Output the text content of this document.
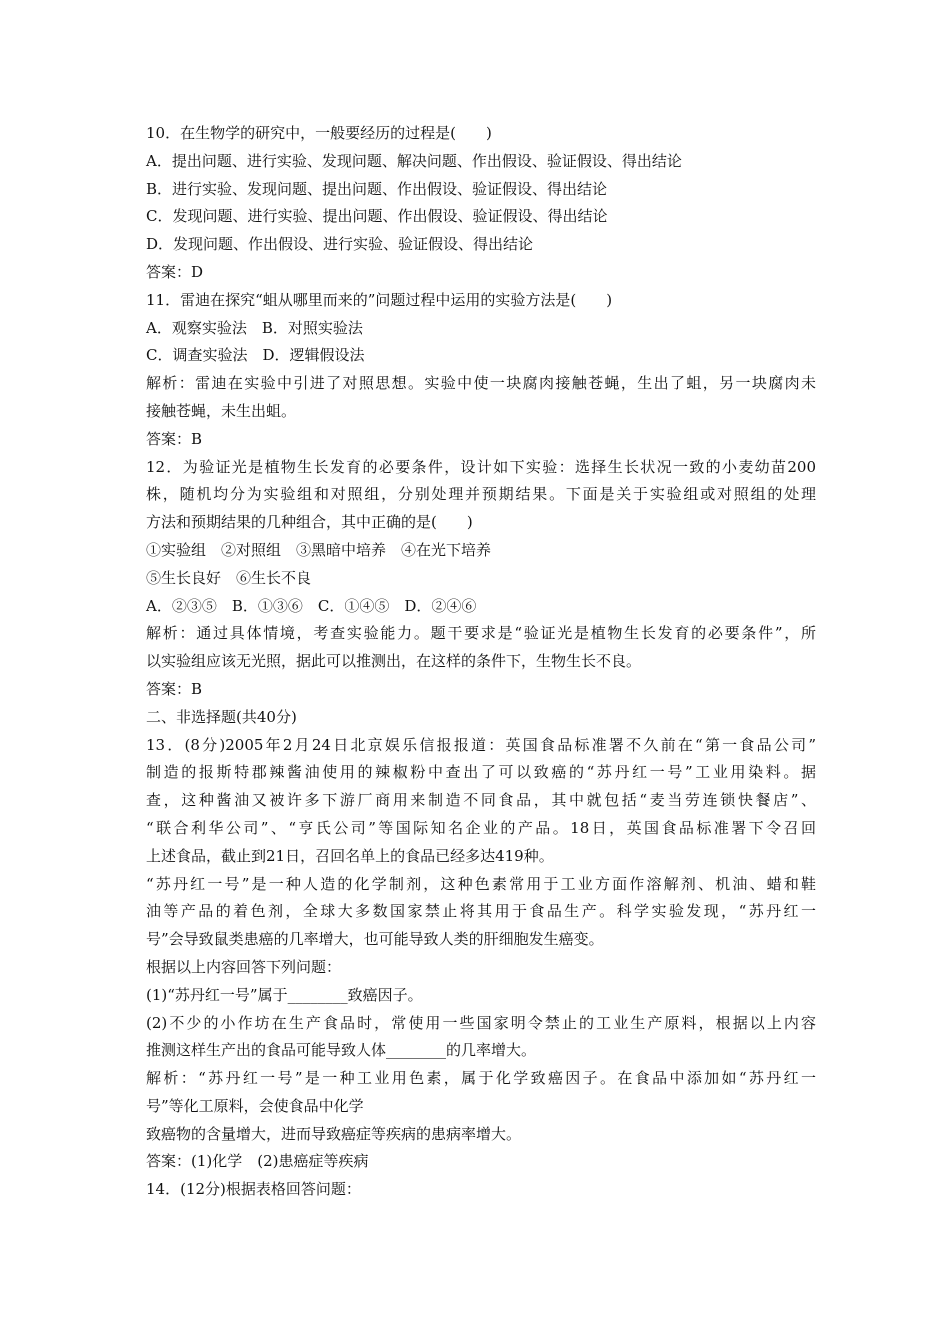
10．在生物学的研究中，一般要经历的过程是(　　)

A．提出问题、进行实验、发现问题、解决问题、作出假设、验证假设、得出结论

B．进行实验、发现问题、提出问题、作出假设、验证假设、得出结论

C．发现问题、进行实验、提出问题、作出假设、验证假设、得出结论

D．发现问题、作出假设、进行实验、验证假设、得出结论

答案：D

11．雷迪在探究“蛆从哪里而来的”问题过程中运用的实验方法是(　　)

A．观察实验法　B．对照实验法

C．调查实验法　D．逻辑假设法

解析：雷迪在实验中引进了对照思想。实验中使一块腐肉接触苍蝇，生出了蛆，另一块腐肉未

接触苍蝇，未生出蛆。

答案：B

12．为验证光是植物生长发育的必要条件，设计如下实验：选择生长状况一致的小麦幼苗200

株，随机均分为实验组和对照组，分别处理并预期结果。下面是关于实验组或对照组的处理

方法和预期结果的几种组合，其中正确的是(　　)

①实验组　②对照组　③黑暗中培养　④在光下培养

⑤生长良好　⑥生长不良

A．②③⑤　B．①③⑥　C．①④⑤　D．②④⑥

解析：通过具体情境，考查实验能力。题干要求是“验证光是植物生长发育的必要条件”，所

以实验组应该无光照，据此可以推测出，在这样的条件下，生物生长不良。

答案：B

二、非选择题(共40分)

13．(8分)2005年2月24日北京娱乐信报报道：英国食品标准署不久前在“第一食品公司”

制造的报斯特郡辣酱油使用的辣椒粉中查出了可以致癌的“苏丹红一号”工业用染料。据

查，这种酱油又被许多下游厂商用来制造不同食品，其中就包括“麦当劳连锁快餐店”、

“联合利华公司”、“亨氏公司”等国际知名企业的产品。18日，英国食品标准署下令召回

上述食品，截止到21日，召回名单上的食品已经多达419种。

“苏丹红一号”是一种人造的化学制剂，这种色素常用于工业方面作溶解剂、机油、蜡和鞋

油等产品的着色剂，全球大多数国家禁止将其用于食品生产。科学实验发现，“苏丹红一

号”会导致鼠类患癌的几率增大，也可能导致人类的肝细胞发生癌变。

根据以上内容回答下列问题：

(1)“苏丹红一号”属于________致癌因子。

(2)不少的小作坊在生产食品时，常使用一些国家明令禁止的工业生产原料，根据以上内容

推测这样生产出的食品可能导致人体________的几率增大。

解析：“苏丹红一号”是一种工业用色素，属于化学致癌因子。在食品中添加如“苏丹红一

号”等化工原料，会使食品中化学

致癌物的含量增大，进而导致癌症等疾病的患病率增大。

答案：(1)化学　(2)患癌症等疾病

14．(12分)根据表格回答问题：
